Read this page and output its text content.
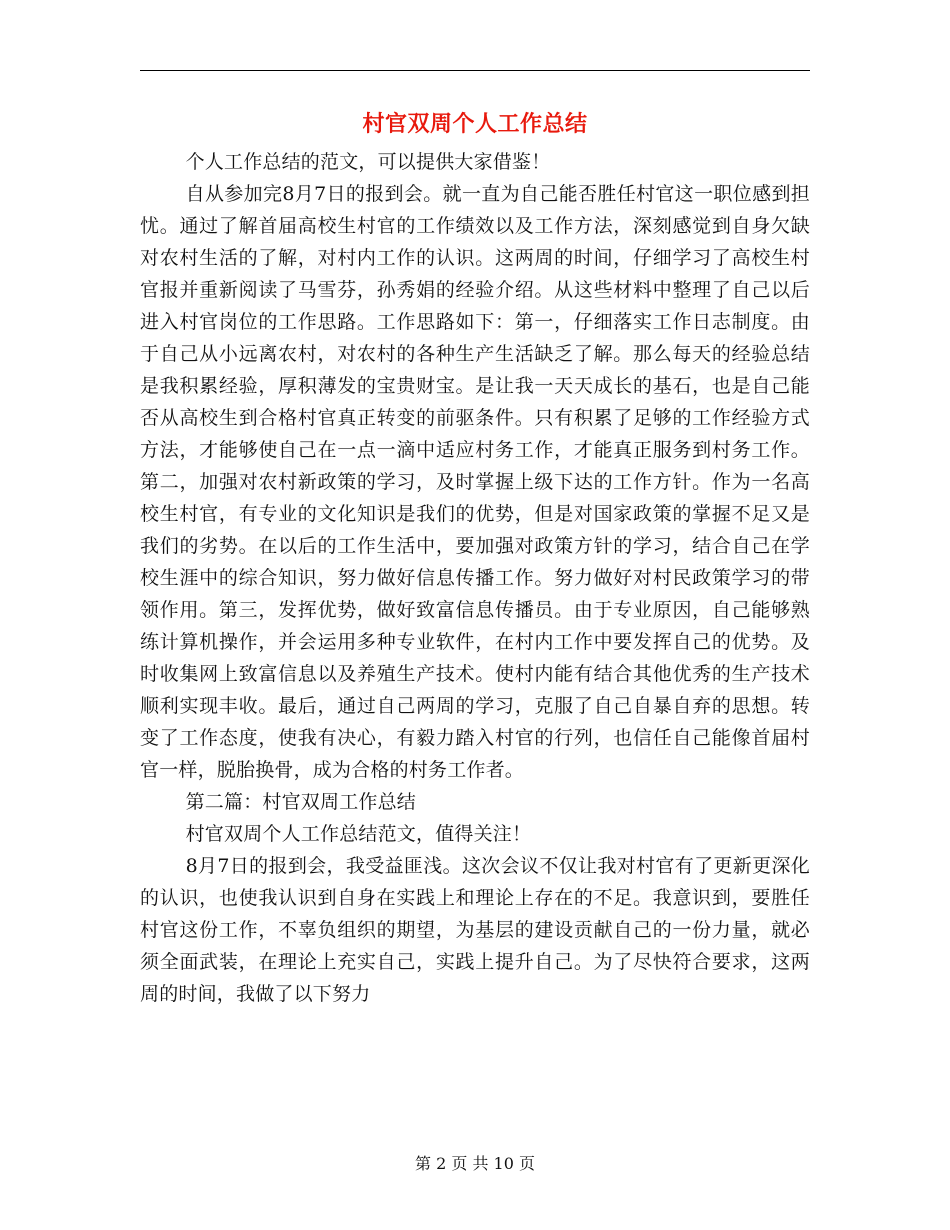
村官双周个人工作总结

个人工作总结的范文，可以提供大家借鉴！

自从参加完8月7日的报到会。就一直为自己能否胜任村官这一职位感到担忧。通过了解首届高校生村官的工作绩效以及工作方法，深刻感觉到自身欠缺对农村生活的了解，对村内工作的认识。这两周的时间，仔细学习了高校生村官报并重新阅读了马雪芬，孙秀娟的经验介绍。从这些材料中整理了自己以后进入村官岗位的工作思路。工作思路如下：第一，仔细落实工作日志制度。由于自己从小远离农村，对农村的各种生产生活缺乏了解。那么每天的经验总结是我积累经验，厚积薄发的宝贵财宝。是让我一天天成长的基石，也是自己能否从高校生到合格村官真正转变的前驱条件。只有积累了足够的工作经验方式方法，才能够使自己在一点一滴中适应村务工作，才能真正服务到村务工作。第二，加强对农村新政策的学习，及时掌握上级下达的工作方针。作为一名高校生村官，有专业的文化知识是我们的优势，但是对国家政策的掌握不足又是我们的劣势。在以后的工作生活中，要加强对政策方针的学习，结合自己在学校生涯中的综合知识，努力做好信息传播工作。努力做好对村民政策学习的带领作用。第三，发挥优势，做好致富信息传播员。由于专业原因，自己能够熟练计算机操作，并会运用多种专业软件，在村内工作中要发挥自己的优势。及时收集网上致富信息以及养殖生产技术。使村内能有结合其他优秀的生产技术顺利实现丰收。最后，通过自己两周的学习，克服了自己自暴自弃的思想。转变了工作态度，使我有决心，有毅力踏入村官的行列，也信任自己能像首届村官一样，脱胎换骨，成为合格的村务工作者。

第二篇：村官双周工作总结

村官双周个人工作总结范文，值得关注！

8月7日的报到会，我受益匪浅。这次会议不仅让我对村官有了更新更深化的认识，也使我认识到自身在实践上和理论上存在的不足。我意识到，要胜任村官这份工作，不辜负组织的期望，为基层的建设贡献自己的一份力量，就必须全面武装，在理论上充实自己，实践上提升自己。为了尽快符合要求，这两周的时间，我做了以下努力

第 2 页 共 10 页
